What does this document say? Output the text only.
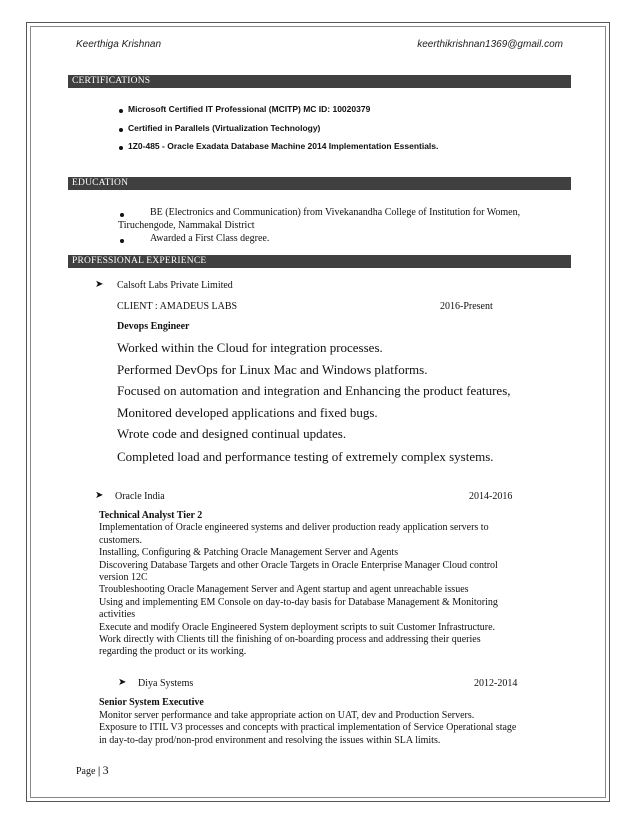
Keerthiga Krishnan	keerthikrishnan1369@gmail.com
CERTIFICATIONS
Microsoft Certified IT Professional (MCITP) MC ID: 10020379
Certified in Parallels (Virtualization Technology)
1Z0-485 - Oracle Exadata Database Machine 2014 Implementation Essentials.
EDUCATION
BE (Electronics and Communication) from Vivekanandha College of Institution for Women,
Tiruchengode, Nammakal District
Awarded a First Class degree.
PROFESSIONAL EXPERIENCE
➤ Calsoft Labs Private Limited
CLIENT : AMADEUS LABS	2016-Present
Devops Engineer
Worked within the Cloud for integration processes.
Performed DevOps for Linux Mac and Windows platforms.
Focused on automation and integration and Enhancing the product features,
Monitored developed applications and fixed bugs.
Wrote code and designed continual updates.
Completed load and performance testing of extremely complex systems.
➤ Oracle India	2014-2016
Technical Analyst Tier 2
Implementation of Oracle engineered systems and deliver production ready application servers to
customers.
Installing, Configuring & Patching Oracle Management Server and Agents
Discovering Database Targets and other Oracle Targets in Oracle Enterprise Manager Cloud control
version 12C
Troubleshooting Oracle Management Server and Agent startup and agent unreachable issues
Using and implementing EM Console on day-to-day basis for Database Management & Monitoring
activities
Execute and modify Oracle Engineered System deployment scripts to suit Customer Infrastructure.
Work directly with Clients till the finishing of on-boarding process and addressing their queries
regarding the product or its working.
➤ Diya Systems	2012-2014
Senior System Executive
Monitor server performance and take appropriate action on UAT, dev and Production Servers.
Exposure to ITIL V3 processes and concepts with practical implementation of Service Operational stage
in day-to-day prod/non-prod environment and resolving the issues within SLA limits.
Page | 3
